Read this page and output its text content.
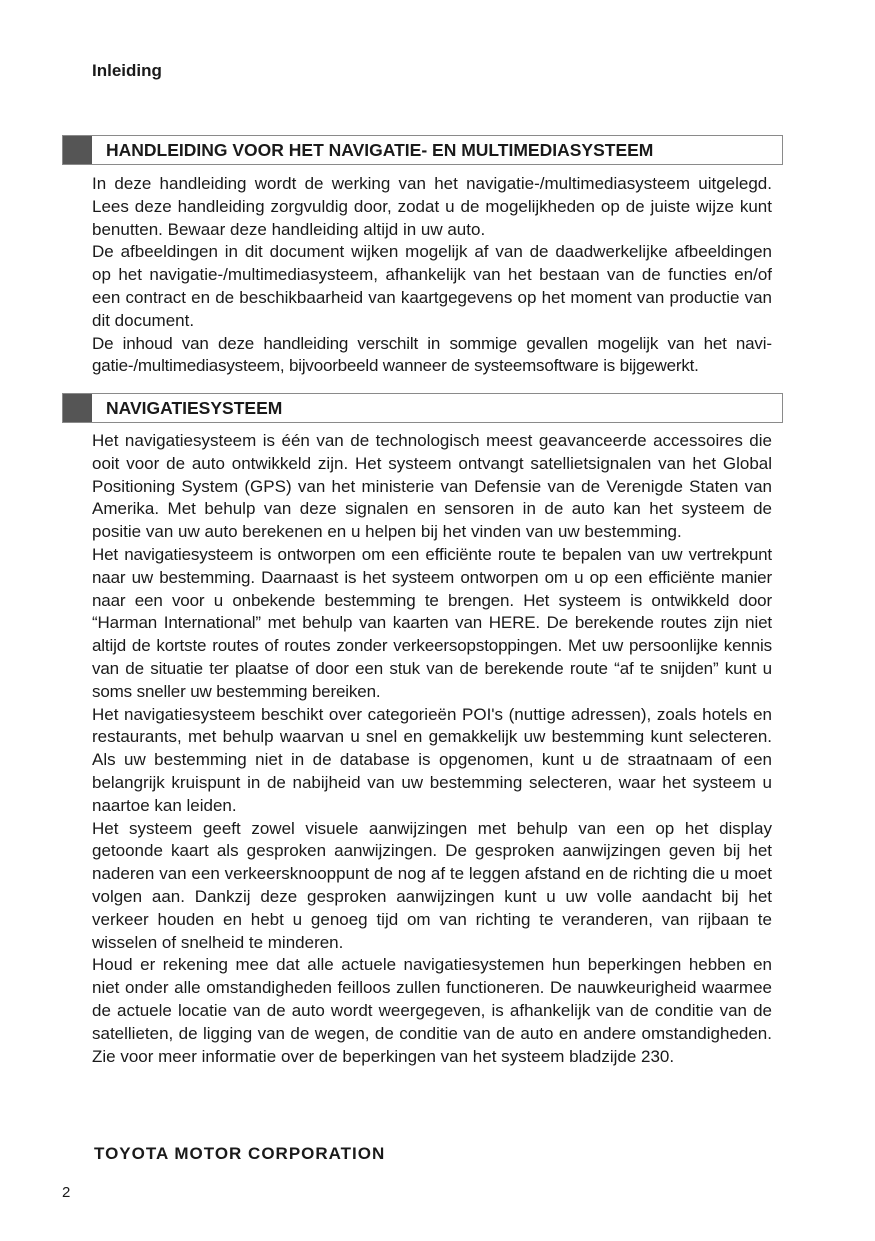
Inleiding
HANDLEIDING VOOR HET NAVIGATIE- EN MULTIMEDIASYSTEEM

In deze handleiding wordt de werking van het navigatie-/multimediasysteem uitgelegd. Lees deze handleiding zorgvuldig door, zodat u de mogelijkheden op de juiste wijze kunt benutten. Bewaar deze handleiding altijd in uw auto.

De afbeeldingen in dit document wijken mogelijk af van de daadwerkelijke afbeeldingen op het navigatie-/multimediasysteem, afhankelijk van het bestaan van de functies en/of een contract en de beschikbaarheid van kaartgegevens op het moment van productie van dit document.

De inhoud van deze handleiding verschilt in sommige gevallen mogelijk van het navigatie-/multimediasysteem, bijvoorbeeld wanneer de systeemsoftware is bijgewerkt.

NAVIGATIESYSTEEM

Het navigatiesysteem is één van de technologisch meest geavanceerde accessoires die ooit voor de auto ontwikkeld zijn. Het systeem ontvangt satellietsignalen van het Global Positioning System (GPS) van het ministerie van Defensie van de Verenigde Staten van Amerika. Met behulp van deze signalen en sensoren in de auto kan het systeem de positie van uw auto berekenen en u helpen bij het vinden van uw bestemming.

Het navigatiesysteem is ontworpen om een efficiënte route te bepalen van uw vertrekpunt naar uw bestemming. Daarnaast is het systeem ontworpen om u op een efficiënte manier naar een voor u onbekende bestemming te brengen. Het systeem is ontwikkeld door “Harman International” met behulp van kaarten van HERE. De berekende routes zijn niet altijd de kortste routes of routes zonder verkeersopstoppingen. Met uw persoonlijke kennis van de situatie ter plaatse of door een stuk van de berekende route “af te snijden” kunt u soms sneller uw bestemming bereiken.

Het navigatiesysteem beschikt over categorieën POI's (nuttige adressen), zoals hotels en restaurants, met behulp waarvan u snel en gemakkelijk uw bestemming kunt selecteren. Als uw bestemming niet in de database is opgenomen, kunt u de straatnaam of een belangrijk kruispunt in de nabijheid van uw bestemming selecteren, waar het systeem u naartoe kan leiden.

Het systeem geeft zowel visuele aanwijzingen met behulp van een op het display getoonde kaart als gesproken aanwijzingen. De gesproken aanwijzingen geven bij het naderen van een verkeersknooppunt de nog af te leggen afstand en de richting die u moet volgen aan. Dankzij deze gesproken aanwijzingen kunt u uw volle aandacht bij het verkeer houden en hebt u genoeg tijd om van richting te veranderen, van rijbaan te wisselen of snelheid te minderen.

Houd er rekening mee dat alle actuele navigatiesystemen hun beperkingen hebben en niet onder alle omstandigheden feilloos zullen functioneren. De nauwkeurigheid waarmee de actuele locatie van de auto wordt weergegeven, is afhankelijk van de conditie van de satellieten, de ligging van de wegen, de conditie van de auto en andere omstandigheden. Zie voor meer informatie over de beperkingen van het systeem bladzijde 230.

TOYOTA MOTOR CORPORATION
2
